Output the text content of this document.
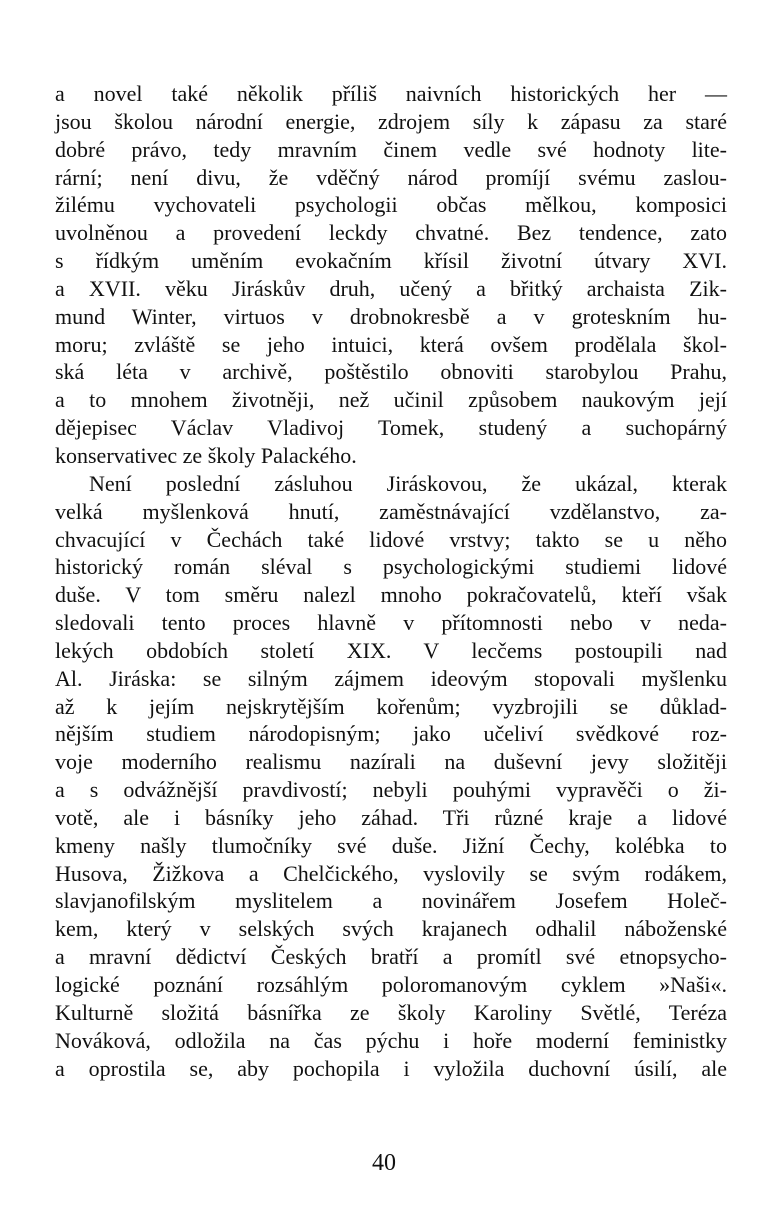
a novel také několik příliš naivních historických her —
jsou školou národní energie, zdrojem síly k zápasu za staré
dobré právo, tedy mravním činem vedle své hodnoty lite-
rární; není divu, že vděčný národ promíjí svému zaslou-
žilému vychovateli psychologii občas mělkou, komposici
uvolněnou a provedení leckdy chvatné. Bez tendence, zato
s řídkým uměním evokačním křísil životní útvary XVI.
a XVII. věku Jiráskův druh, učený a břitký archaista Zik-
mund Winter, virtuos v drobnokresbě a v groteskním hu-
moru; zvláště se jeho intuici, která ovšem prodělala škol-
ská léta v archivě, poštěstilo obnoviti starobylou Prahu,
a to mnohem životněji, než učinil způsobem naukovým její
dějepisec Václav Vladivoj Tomek, studený a suchopárný
konservativec ze školy Palackého.
Není poslední zásluhou Jiráskovou, že ukázal, kterak
velká myšlenková hnutí, zaměstnávající vzdělanstvo, za-
chvacující v Čechách také lidové vrstvy; takto se u něho
historický román sléval s psychologickými studiemi lidové
duše. V tom směru nalezl mnoho pokračovatelů, kteří však
sledovali tento proces hlavně v přítomnosti nebo v neda-
lekých obdobích století XIX. V lecčems postoupili nad
Al. Jiráska: se silným zájmem ideovým stopovali myšlenku
až k jejím nejskrytějším kořenům; vyzbrojili se důklad-
nějším studiem národopisným; jako učeliví svědkové roz-
voje moderního realismu nazírali na duševní jevy složitěji
a s odvážnější pravdivostí; nebyli pouhými vypravěči o ži-
votě, ale i básníky jeho záhad. Tři různé kraje a lidové
kmeny našly tlumočníky své duše. Jižní Čechy, kolébka to
Husova, Žižkova a Chelčického, vyslovily se svým rodákem,
slavjanofilským myslitelem a novinářem Josefem Holeč-
kem, který v selských svých krajanech odhalil náboženské
a mravní dědictví Českých bratří a promítl své etnopsycho-
logické poznání rozsáhlým poloromanovým cyklem »Naši«.
Kulturně složitá básnířka ze školy Karoliny Světlé, Teréza
Nováková, odložila na čas pýchu i hoře moderní feministky
a oprostila se, aby pochopila i vyložila duchovní úsilí, ale
40
